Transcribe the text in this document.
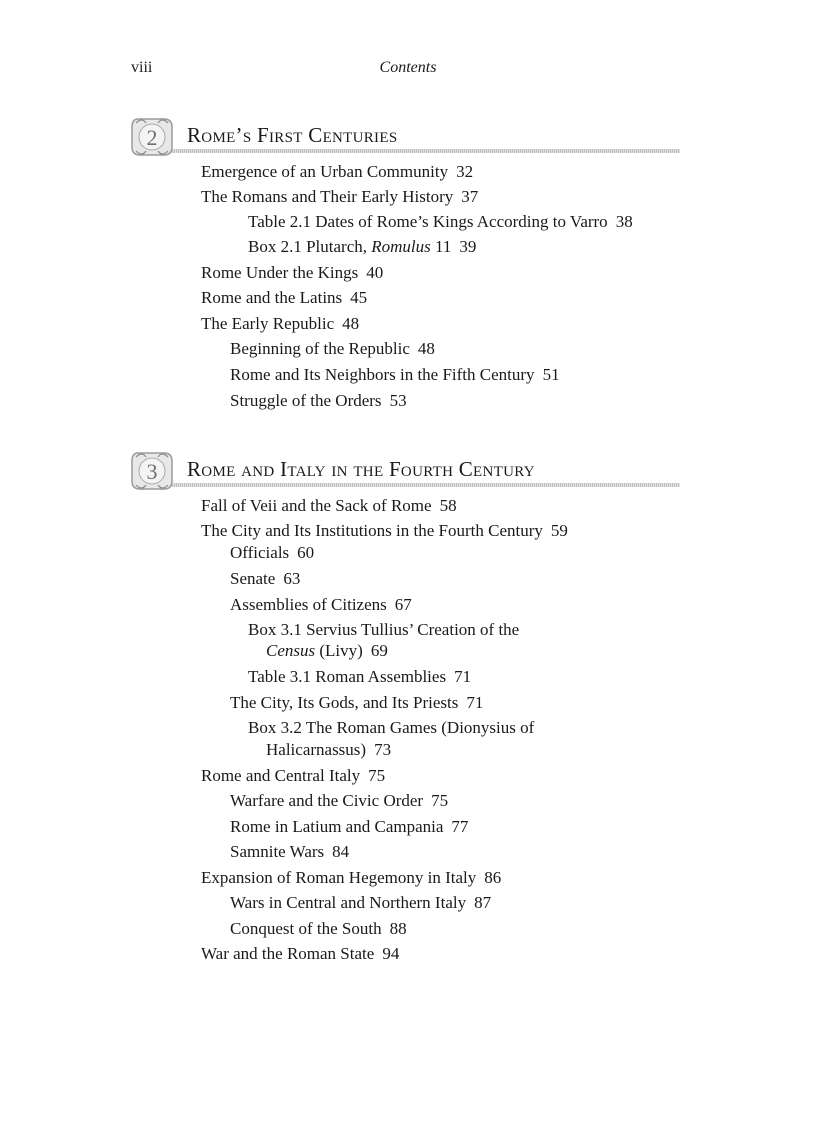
viii	Contents
2	Rome’s First Centuries
Emergence of an Urban Community 32
The Romans and Their Early History 37
Table 2.1 Dates of Rome’s Kings According to Varro 38
Box 2.1 Plutarch, Romulus 11 39
Rome Under the Kings 40
Rome and the Latins 45
The Early Republic 48
Beginning of the Republic 48
Rome and Its Neighbors in the Fifth Century 51
Struggle of the Orders 53
3	Rome and Italy in the Fourth Century
Fall of Veii and the Sack of Rome 58
The City and Its Institutions in the Fourth Century 59
Officials 60
Senate 63
Assemblies of Citizens 67
Box 3.1 Servius Tullius’ Creation of the
Census (Livy) 69
Table 3.1 Roman Assemblies 71
The City, Its Gods, and Its Priests 71
Box 3.2 The Roman Games (Dionysius of
Halicarnassus) 73
Rome and Central Italy 75
Warfare and the Civic Order 75
Rome in Latium and Campania 77
Samnite Wars 84
Expansion of Roman Hegemony in Italy 86
Wars in Central and Northern Italy 87
Conquest of the South 88
War and the Roman State 94
